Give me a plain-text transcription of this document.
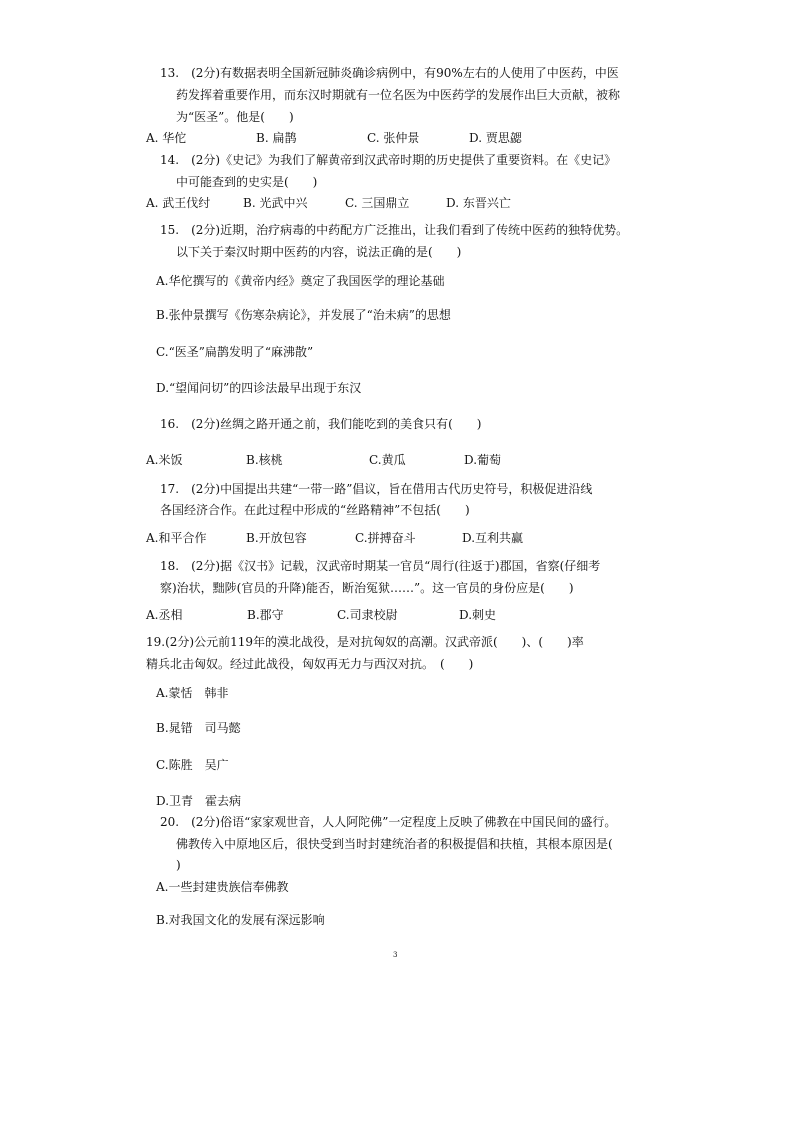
13.　(2分)有数据表明全国新冠肺炎确诊病例中，有90%左右的人使用了中医药，中医
药发挥着重要作用，而东汉时期就有一位名医为中医药学的发展作出巨大贡献，被称
为“医圣”。他是(　　)
A. 华佗	B. 扁鹊	C. 张仲景	D. 贾思勰
14.　(2分)《史记》为我们了解黄帝到汉武帝时期的历史提供了重要资料。在《史记》
中可能查到的史实是(　　)
A. 武王伐纣	B. 光武中兴	C. 三国鼎立	D. 东晋兴亡
15.　(2分)近期，治疗病毒的中药配方广泛推出，让我们看到了传统中医药的独特优势。
以下关于秦汉时期中医药的内容，说法正确的是(　　)
A.华佗撰写的《黄帝内经》奠定了我国医学的理论基础
B.张仲景撰写《伤寒杂病论》，并发展了“治未病”的思想
C.“医圣”扁鹊发明了“麻沸散”
D.“望闻问切”的四诊法最早出现于东汉
16.　(2分)丝绸之路开通之前，我们能吃到的美食只有(　　)
A.米饭	B.核桃	C.黄瓜	D.葡萄
17.　(2分)中国提出共建“一带一路”倡议，旨在借用古代历史符号，积极促进沿线
各国经济合作。在此过程中形成的“丝路精神”不包括(　　)
A.和平合作	B.开放包容	C.拼搏奋斗	D.互利共赢
18.　(2分)据《汉书》记载，汉武帝时期某一官员“周行(往返于)郡国，省察(仔细考
察)治状，黜陟(官员的升降)能否，断治冤狱……”。这一官员的身份应是(　　)
A.丞相	B.郡守	C.司隶校尉	D.刺史
19.(2分)公元前119年的漠北战役，是对抗匈奴的高潮。汉武帝派(　　)、(　　)率
精兵北击匈奴。经过此战役，匈奴再无力与西汉对抗。　(　　)
A.蒙恬　韩非
B.晁错　司马懿
C.陈胜　吴广
D.卫青　霍去病
20.　(2分)俗语“家家观世音，人人阿陀佛”一定程度上反映了佛教在中国民间的盛行。
佛教传入中原地区后，很快受到当时封建统治者的积极提倡和扶植，其根本原因是(
)
A.一些封建贵族信奉佛教
B.对我国文化的发展有深远影响
3
